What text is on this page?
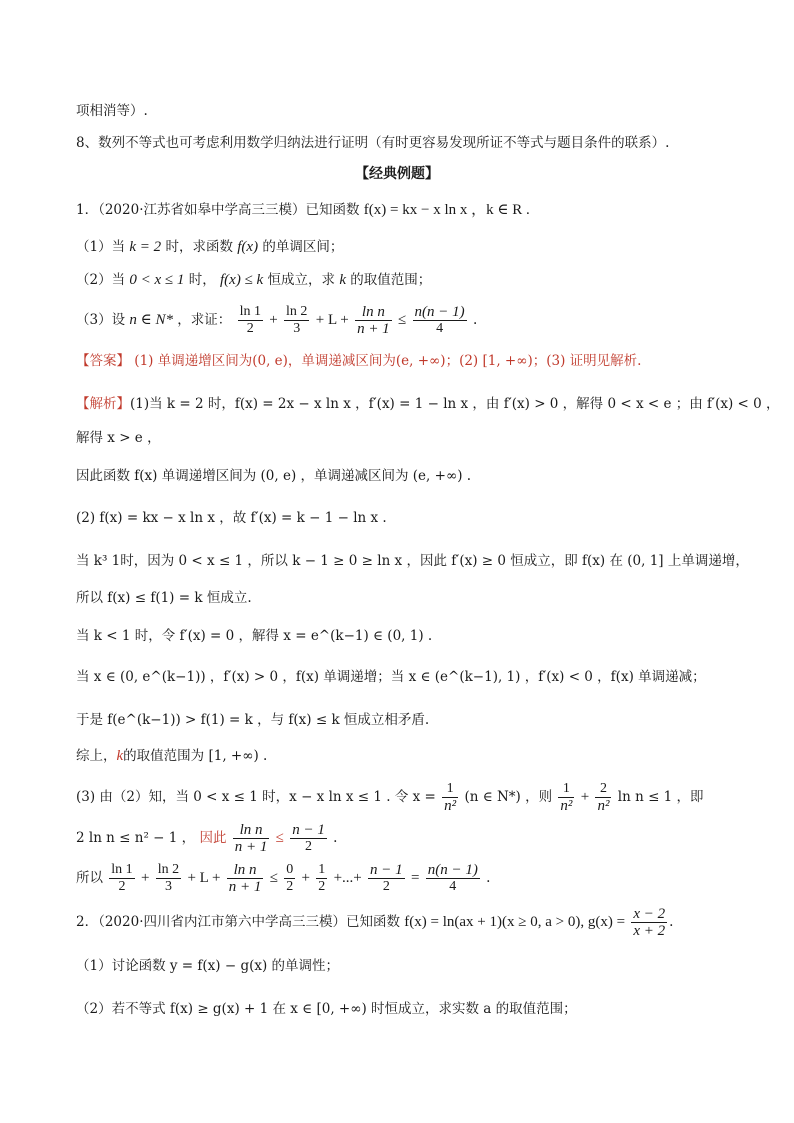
项相消等）.
8、数列不等式也可考虑利用数学归纳法进行证明（有时更容易发现所证不等式与题目条件的联系）.
【经典例题】
1．（2020·江苏省如皋中学高三三模）已知函数 f(x) = kx − x ln x ，k ∈ R .
（1）当 k = 2 时，求函数 f(x) 的单调区间；
（2）当 0 < x ≤ 1 时， f(x) ≤ k 恒成立，求 k 的取值范围；
（3）设 n ∈ N* ，求证： $\frac{\ln 1}{2} + \frac{\ln 2}{3} + L + \frac{\text{ln n}}{n + 1} \le \frac{n(n - 1)}{4}$ .
【答案】 (1) 单调递增区间为(0, e)，单调递减区间为(e, +∞)；(2) [1, +∞)；(3) 证明见解析.
【解析】(1)当 k = 2 时，f(x) = 2x − x ln x ，f′(x) = 1 − ln x ，由 f′(x) > 0 ，解得 0 < x < e ；由 f′(x) < 0 ，
解得 x > e ，
因此函数 f(x) 单调递增区间为 (0, e) ，单调递减区间为 (e, +∞) .
(2) f(x) = kx − x ln x ，故 f′(x) = k − 1 − ln x .
当 k³ 1时，因为 0 < x ≤ 1 ，所以 k − 1 ≥ 0 ≥ ln x ，因此 f′(x) ≥ 0 恒成立，即 f(x) 在 (0, 1] 上单调递增，
所以 f(x) ≤ f(1) = k 恒成立.
当 k < 1 时，令 f′(x) = 0 ，解得 x = e^(k−1) ∈ (0, 1) .
当 x ∈ (0, e^(k−1)) ，f′(x) > 0 ，f(x) 单调递增；当 x ∈ (e^(k−1), 1) ，f′(x) < 0 ，f(x) 单调递减；
于是 f(e^(k−1)) > f(1) = k ，与 f(x) ≤ k 恒成立相矛盾.
综上，k的取值范围为 [1, +∞) .
(3) 由（2）知，当 0 < x ≤ 1 时，x − x ln x ≤ 1 . 令 $x = \frac{1}{\text{n²}} (n$ ∈ N*) ，则 $\frac{1}{\text{n²}} + \frac{2}{\text{n²}}$ ln n ≤ 1 ，即
2 ln n ≤ n² − 1 ， 因此 $\frac{\text{ln n}}{n + 1} \le \frac{n - 1}{2}$ .
所以 $\frac{\ln 1}{2} + \frac{\ln 2}{3} + L + \frac{\text{ln n}}{n + 1} \le \frac{0}{2} + \frac{1}{2}$ +...+ $\frac{n - 1}{2} = \frac{n(n - 1)}{4}$ .
2．（2020·四川省内江市第六中学高三三模）已知函数 f(x) = ln(ax + 1)(x ≥ 0, a > 0), $g(x) = \frac{x - 2}{x + 2}$ .
（1）讨论函数 y = f(x) − g(x) 的单调性；
（2）若不等式 f(x) ≥ g(x) + 1 在 x ∈ [0, +∞) 时恒成立，求实数 a 的取值范围；
